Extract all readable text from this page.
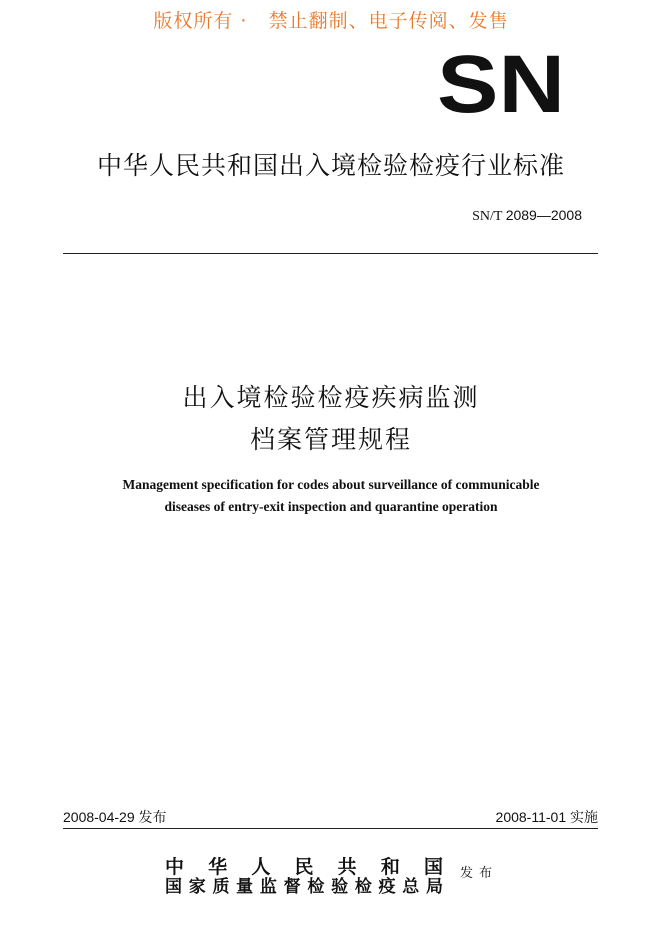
版权所有 ·   禁止翻制、电子传阅、发售
SN
中华人民共和国出入境检验检疫行业标准
SN/T 2089—2008
出入境检验检疫疾病监测
档案管理规程
Management specification for codes about surveillance of communicable
diseases of entry-exit inspection and quarantine operation
2008-04-29 发布	2008-11-01 实施
中华人民共和国
国家质量监督检验检疫总局
发布
